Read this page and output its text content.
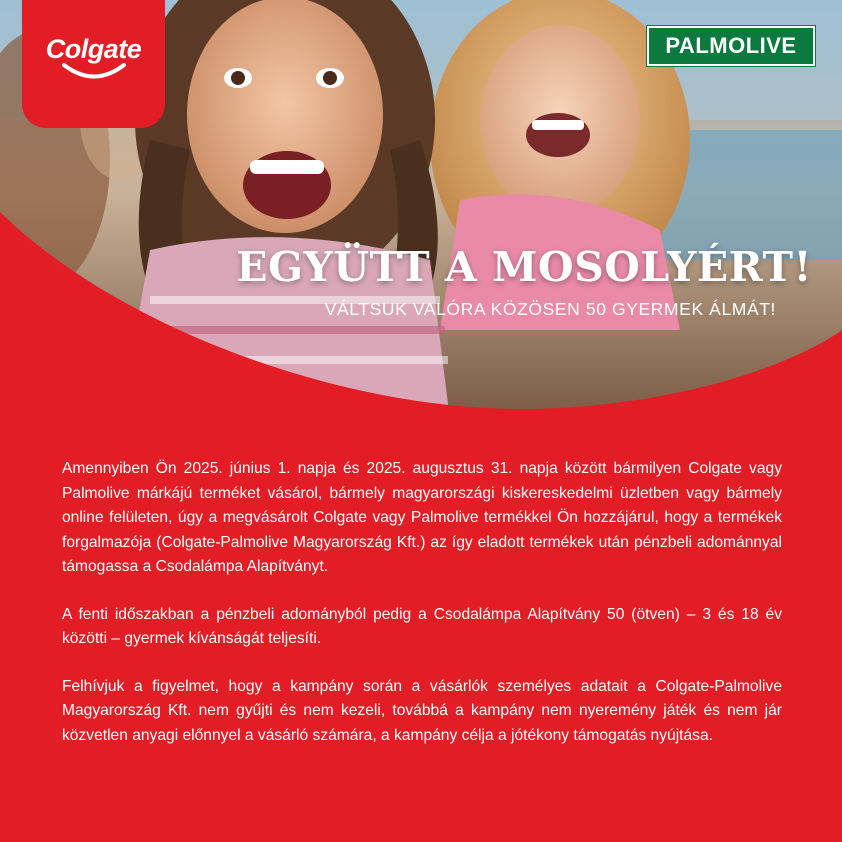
Colgate	PALMOLIVE
EGYÜTT A MOSOLYÉRT!

VÁLTSUK VALÓRA KÖZÖSEN 50 GYERMEK ÁLMÁT!

Amennyiben Ön 2025. június 1. napja és 2025. augusztus 31. napja között bármilyen Colgate vagy Palmolive márkájú terméket vásárol, bármely magyarországi kiskereskedelmi üzletben vagy bármely online felületen, úgy a megvásárolt Colgate vagy Palmolive termékkel Ön hozzájárul, hogy a termékek forgalmazója (Colgate-Palmolive Magyarország Kft.) az így eladott termékek után pénzbeli adománnyal támogassa a Csodalámpa Alapítványt.

A fenti időszakban a pénzbeli adományból pedig a Csodalámpa Alapítvány 50 (ötven) – 3 és 18 év közötti – gyermek kívánságát teljesíti.

Felhívjuk a figyelmet, hogy a kampány során a vásárlók személyes adatait a Colgate-Palmolive Magyarország Kft. nem gyűjti és nem kezeli, továbbá a kampány nem nyeremény játék és nem jár közvetlen anyagi előnnyel a vásárló számára, a kampány célja a jótékony támogatás nyújtása.
